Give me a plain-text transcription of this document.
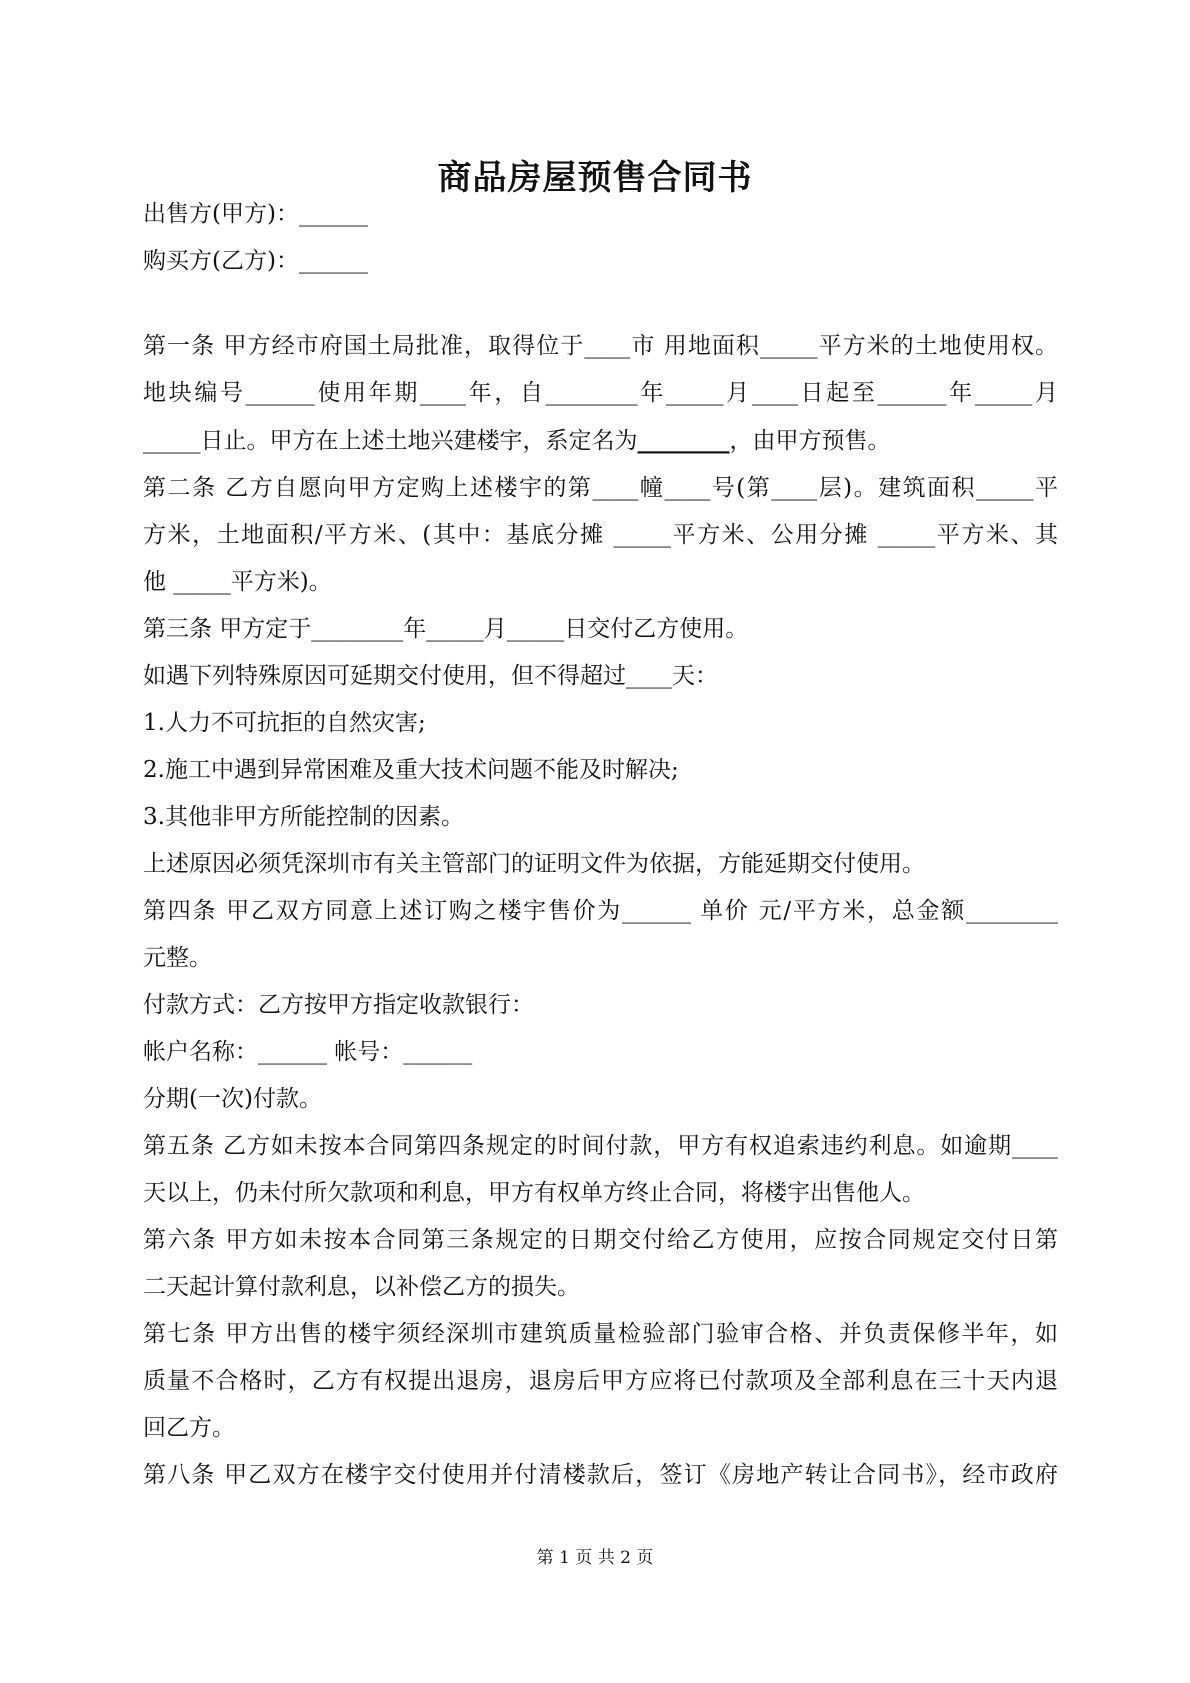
商品房屋预售合同书
出售方(甲方)：______
购买方(乙方)：______
第一条 甲方经市府国土局批准，取得位于____市 用地面积_____平方米的土地使用权。
地块编号______使用年期____年，自________年_____月____日起至______年_____月
_____日止。甲方在上述土地兴建楼宇，系定名为________，由甲方预售。
第二条 乙方自愿向甲方定购上述楼宇的第____幢____号(第____层)。建筑面积_____平
方米，土地面积/平方米、(其中：基底分摊 _____平方米、公用分摊 _____平方米、其
他 _____平方米)。
第三条 甲方定于________年_____月_____日交付乙方使用。
如遇下列特殊原因可延期交付使用，但不得超过____天：
1.人力不可抗拒的自然灾害;
2.施工中遇到异常困难及重大技术问题不能及时解决;
3.其他非甲方所能控制的因素。
上述原因必须凭深圳市有关主管部门的证明文件为依据，方能延期交付使用。
第四条 甲乙双方同意上述订购之楼宇售价为______ 单价 元/平方米，总金额________
元整。
付款方式：乙方按甲方指定收款银行：
帐户名称：______ 帐号：______
分期(一次)付款。
第五条 乙方如未按本合同第四条规定的时间付款，甲方有权追索违约利息。如逾期____
天以上，仍未付所欠款项和利息，甲方有权单方终止合同，将楼宇出售他人。
第六条 甲方如未按本合同第三条规定的日期交付给乙方使用，应按合同规定交付日第
二天起计算付款利息，以补偿乙方的损失。
第七条 甲方出售的楼宇须经深圳市建筑质量检验部门验审合格、并负责保修半年，如
质量不合格时，乙方有权提出退房，退房后甲方应将已付款项及全部利息在三十天内退
回乙方。
第八条 甲乙双方在楼宇交付使用并付清楼款后，签订《房地产转让合同书》，经市政府
第 1 页 共 2 页
